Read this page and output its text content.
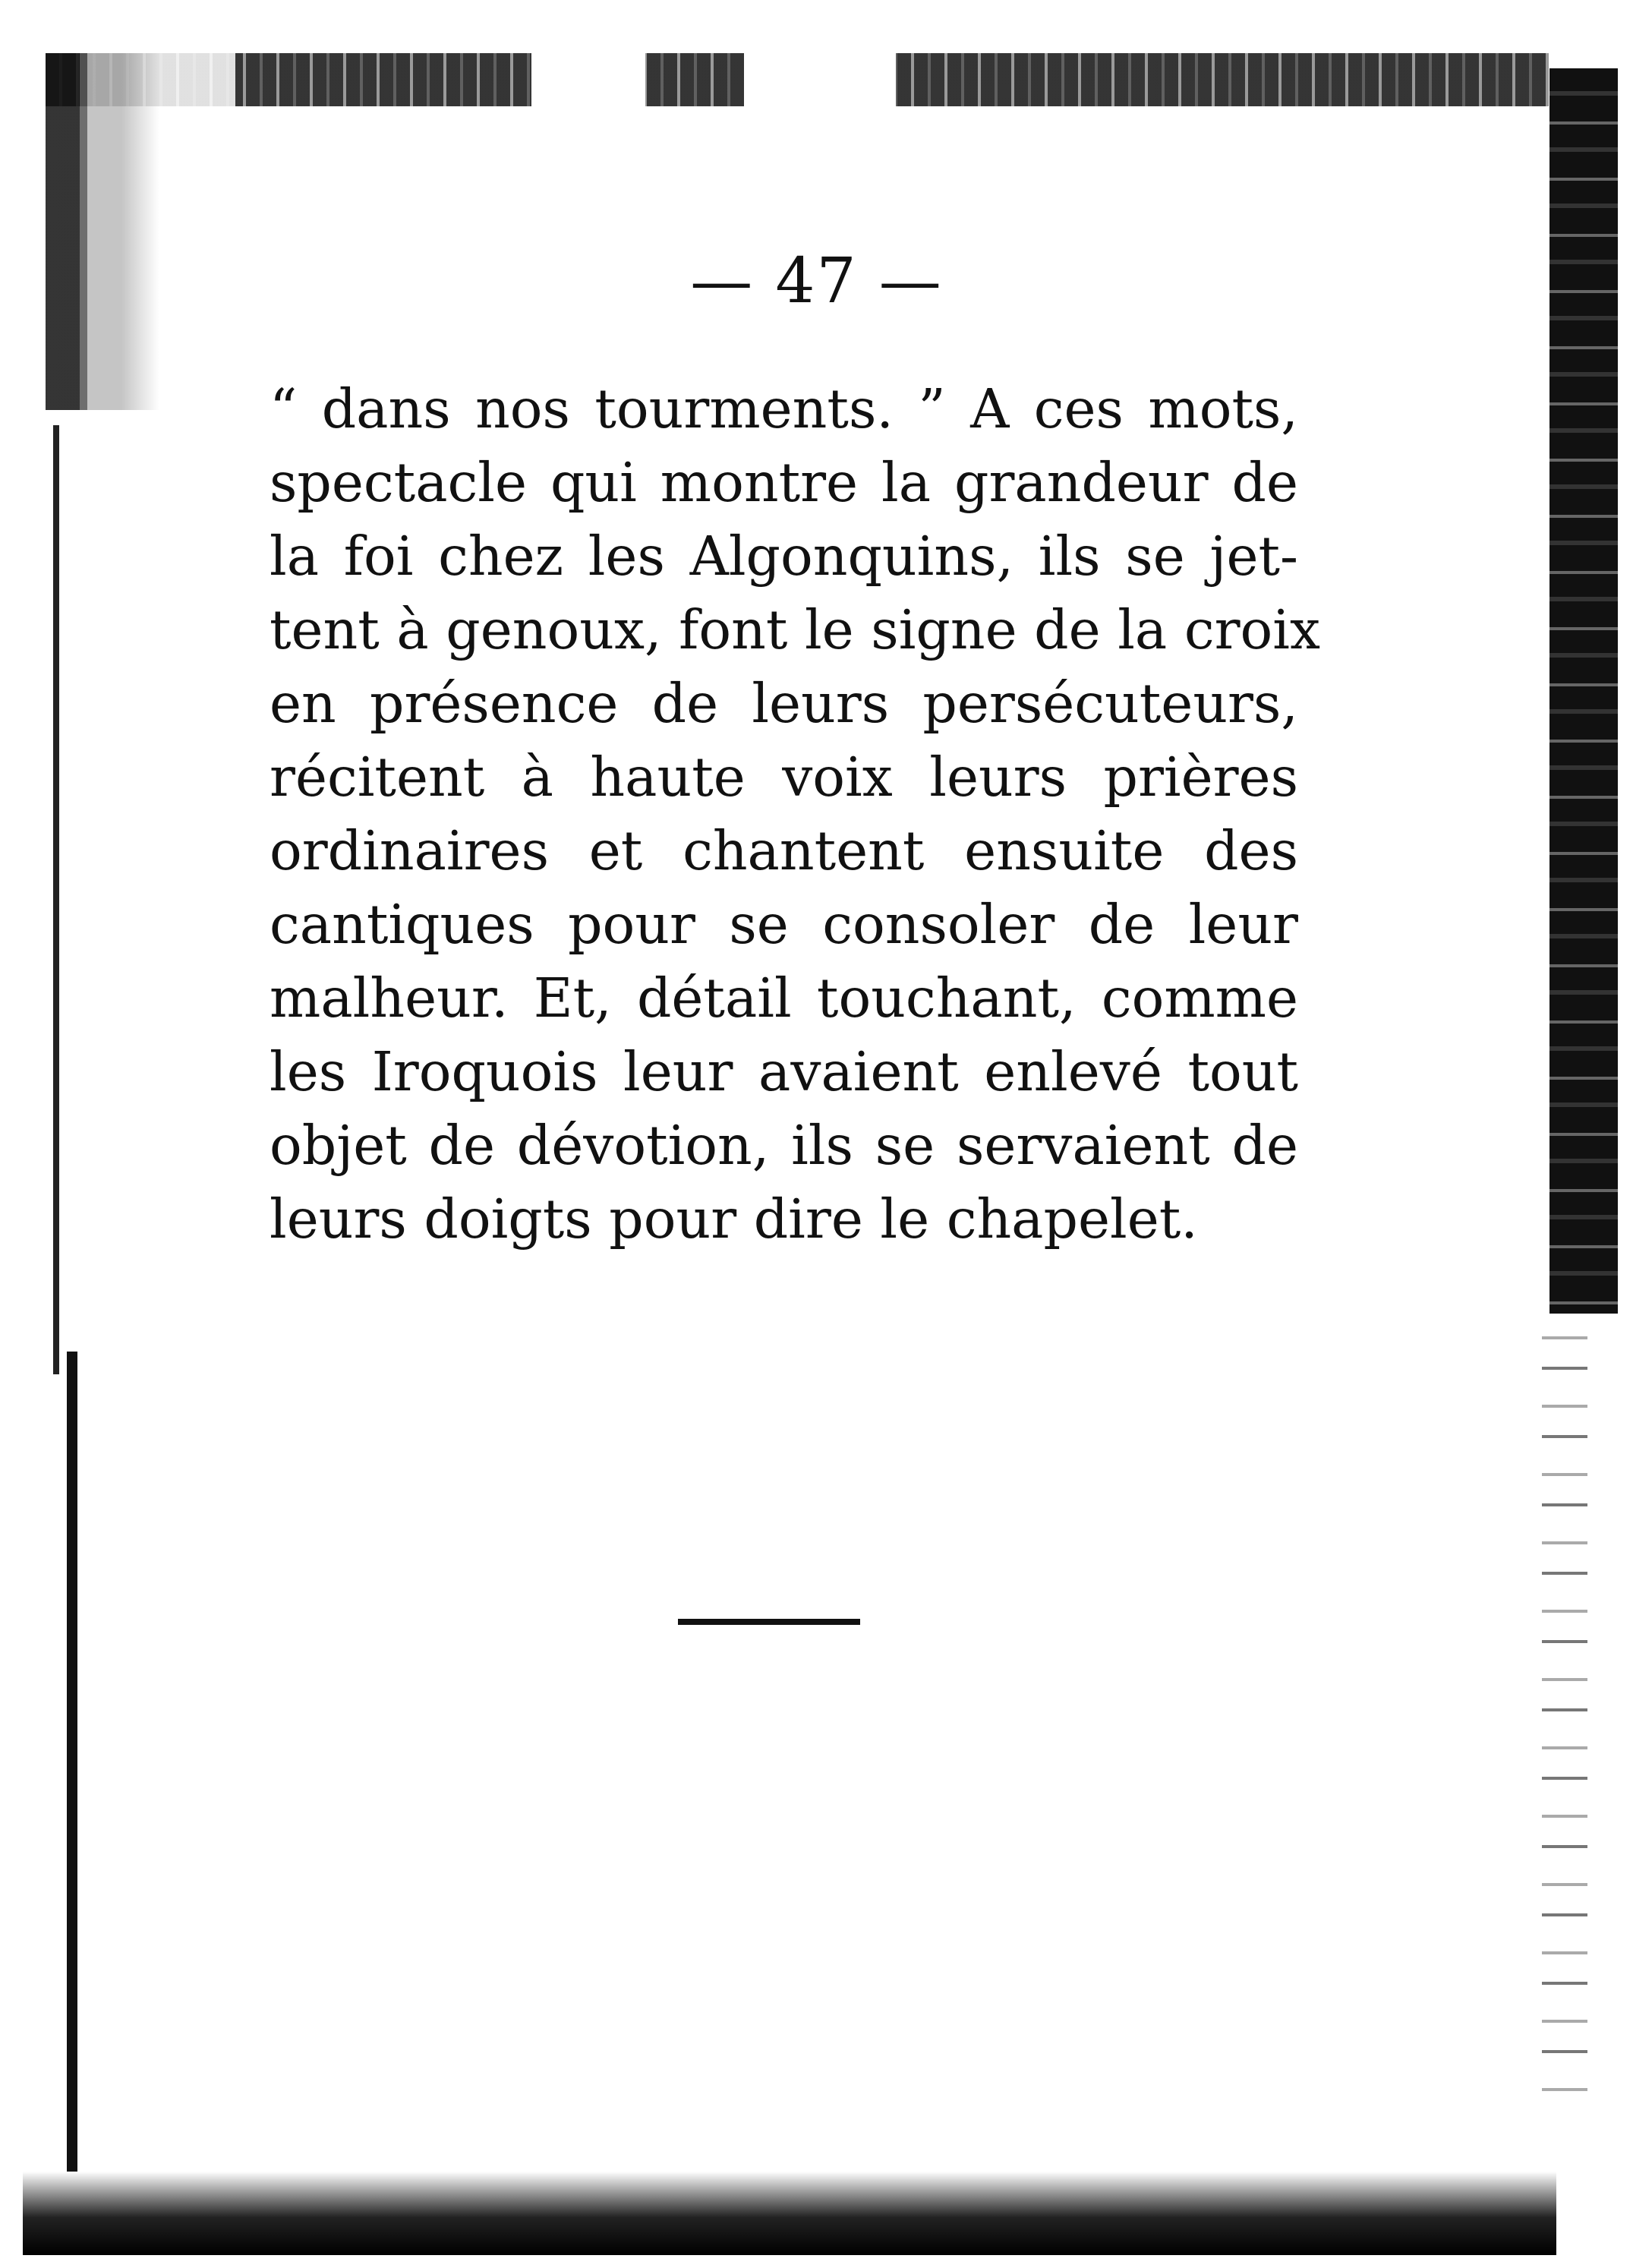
— 47 —
“ dans nos tourments. ” A ces mots,
spectacle qui montre la grandeur de
la foi chez les Algonquins, ils se jet-
tent à genoux, font le signe de la croix
en présence de leurs persécuteurs,
récitent à haute voix leurs prières
ordinaires et chantent ensuite des
cantiques pour se consoler de leur
malheur. Et, détail touchant, comme
les Iroquois leur avaient enlevé tout
objet de dévotion, ils se servaient de
leurs doigts pour dire le chapelet.
